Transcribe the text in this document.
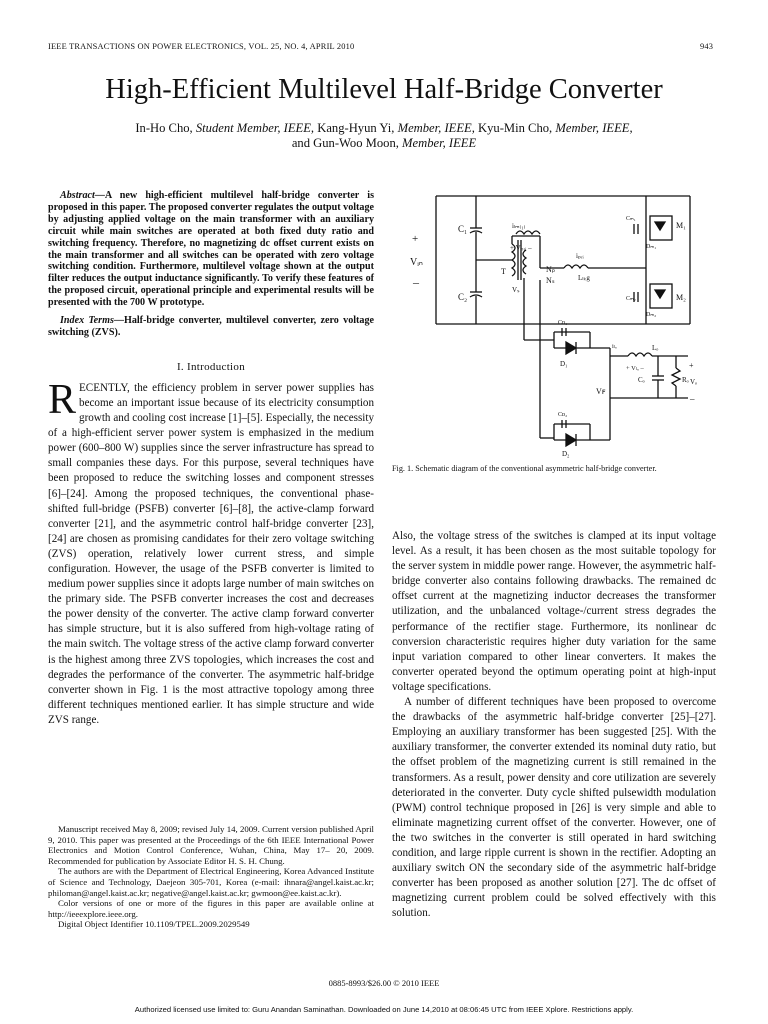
IEEE TRANSACTIONS ON POWER ELECTRONICS, VOL. 25, NO. 4, APRIL 2010	943
High-Efficient Multilevel Half-Bridge Converter
In-Ho Cho, Student Member, IEEE, Kang-Hyun Yi, Member, IEEE, Kyu-Min Cho, Member, IEEE,
and Gun-Woo Moon, Member, IEEE
Abstract—A new high-efficient multilevel half-bridge converter is proposed in this paper. The proposed converter regulates the output voltage by adjusting applied voltage on the main transformer with an auxiliary circuit while main switches are operated at both fixed duty ratio and switching frequency. Therefore, no magnetizing dc offset current exists on the main transformer and all switches can be operated with zero voltage switching condition. Furthermore, multilevel voltage shown at the output filter reduces the output inductance significantly. To verify these features of the proposed circuit, operational principle and experimental results will be presented with the 700 W prototype.
Index Terms—Half-bridge converter, multilevel converter, zero voltage switching (ZVS).
I. Introduction
RECENTLY, the efficiency problem in server power supplies has become an important issue because of its electricity consumption growth and cooling cost increase [1]–[5]. Especially, the necessity of a high-efficient server power system is emphasized in the medium power (600–800 W) supplies since the server infrastructure has spread to small companies these days. For this purpose, several techniques have been proposed to reduce the switching losses and component stresses [6]–[24]. Among the proposed techniques, the conventional phase-shifted full-bridge (PSFB) converter [6]–[8], the active-clamp forward converter [21], and the asymmetric control half-bridge converter [23], [24] are chosen as promising candidates for their zero voltage switching (ZVS) operation, relatively lower current stress, and simple configuration. However, the usage of the PSFB converter is limited to medium power supplies since it adopts large number of main switches on the primary side. The PSFB converter increases the cost and decreases the power density of the converter. The active clamp forward converter has simple structure, but it is also suffered from high-voltage rating of the main switch. The voltage stress of the active clamp forward converter is the highest among three ZVS topologies, which increases the cost and degrades the performance of the converter. The asymmetric half-bridge converter shown in Fig. 1 is the most attractive topology among three different techniques mentioned earlier. It has simple structure and wide ZVS range.

Manuscript received May 8, 2009; revised July 14, 2009. Current version published April 9, 2010. This paper was presented at the Proceedings of the 6th IEEE International Power Electronics and Motion Control Conference, Wuhan, China, May 17– 20, 2009. Recommended for publication by Associate Editor H. S. H. Chung.

The authors are with the Department of Electrical Engineering, Korea Advanced Institute of Science and Technology, Daejeon 305-701, Korea (e-mail: ihnara@angel.kaist.ac.kr; philoman@angel.kaist.ac.kr; negative@angel.kaist.ac.kr; gwmoon@ee.kaist.ac.kr).

Color versions of one or more of the figures in this paper are available online at http://ieeexplore.ieee.org.

Digital Object Identifier 10.1109/TPEL.2009.2029549

+
Vᵢₙ
–
C₁
C₂
iₗₘ₍₁₎
+ Vₚᵣᵢ –
Nₚ
Nₛ
T
Vₛ
iₚᵣᵢ
Lₗₖg
Cₘ₁
Dₘ₁
M₁
Cₘ₂
Dₘ₂
M₂
Cᴅ₁
D₁
Cᴅ₂
D₂
Vꜰ
iₗₒ
+ Vₗₒ –
Lₒ
Cₒ	Rₒ
+
Vₒ
–
Fig. 1. Schematic diagram of the conventional asymmetric half-bridge converter.

Also, the voltage stress of the switches is clamped at its input voltage level. As a result, it has been chosen as the most suitable topology for the server system in middle power range. However, the asymmetric half-bridge converter also contains following drawbacks. The remained dc offset current at the magnetizing inductor decreases the transformer utilization, and the unbalanced voltage-/current stress degrades the performance of the rectifier stage. Furthermore, its nonlinear dc conversion characteristic requires higher duty variation for the same input variation compared to other linear converters. It makes the converter operated beyond the optimum operating point at high-input voltage specifications.

A number of different techniques have been proposed to overcome the drawbacks of the asymmetric half-bridge converter [25]–[27]. Employing an auxiliary transformer has been suggested [25]. With the auxiliary transformer, the converter extended its nominal duty ratio, but the offset problem of the magnetizing current is still remained in the transformers. As a result, power density and core utilization are severely deteriorated in the converter. Duty cycle shifted pulsewidth modulation (PWM) control technique proposed in [26] is very simple and able to eliminate magnetizing current offset of the converter. However, one of the two switches in the converter is still operated in hard switching condition, and large ripple current is shown in the rectifier. Adopting an auxiliary switch ON the secondary side of the asymmetric half-bridge converter has been proposed as another solution [27]. The dc offset of magnetizing current problem could be solved effectively with this solution.

0885-8993/$26.00 © 2010 IEEE
Authorized licensed use limited to: Guru Anandan Saminathan. Downloaded on June 14,2010 at 08:06:45 UTC from IEEE Xplore. Restrictions apply.
